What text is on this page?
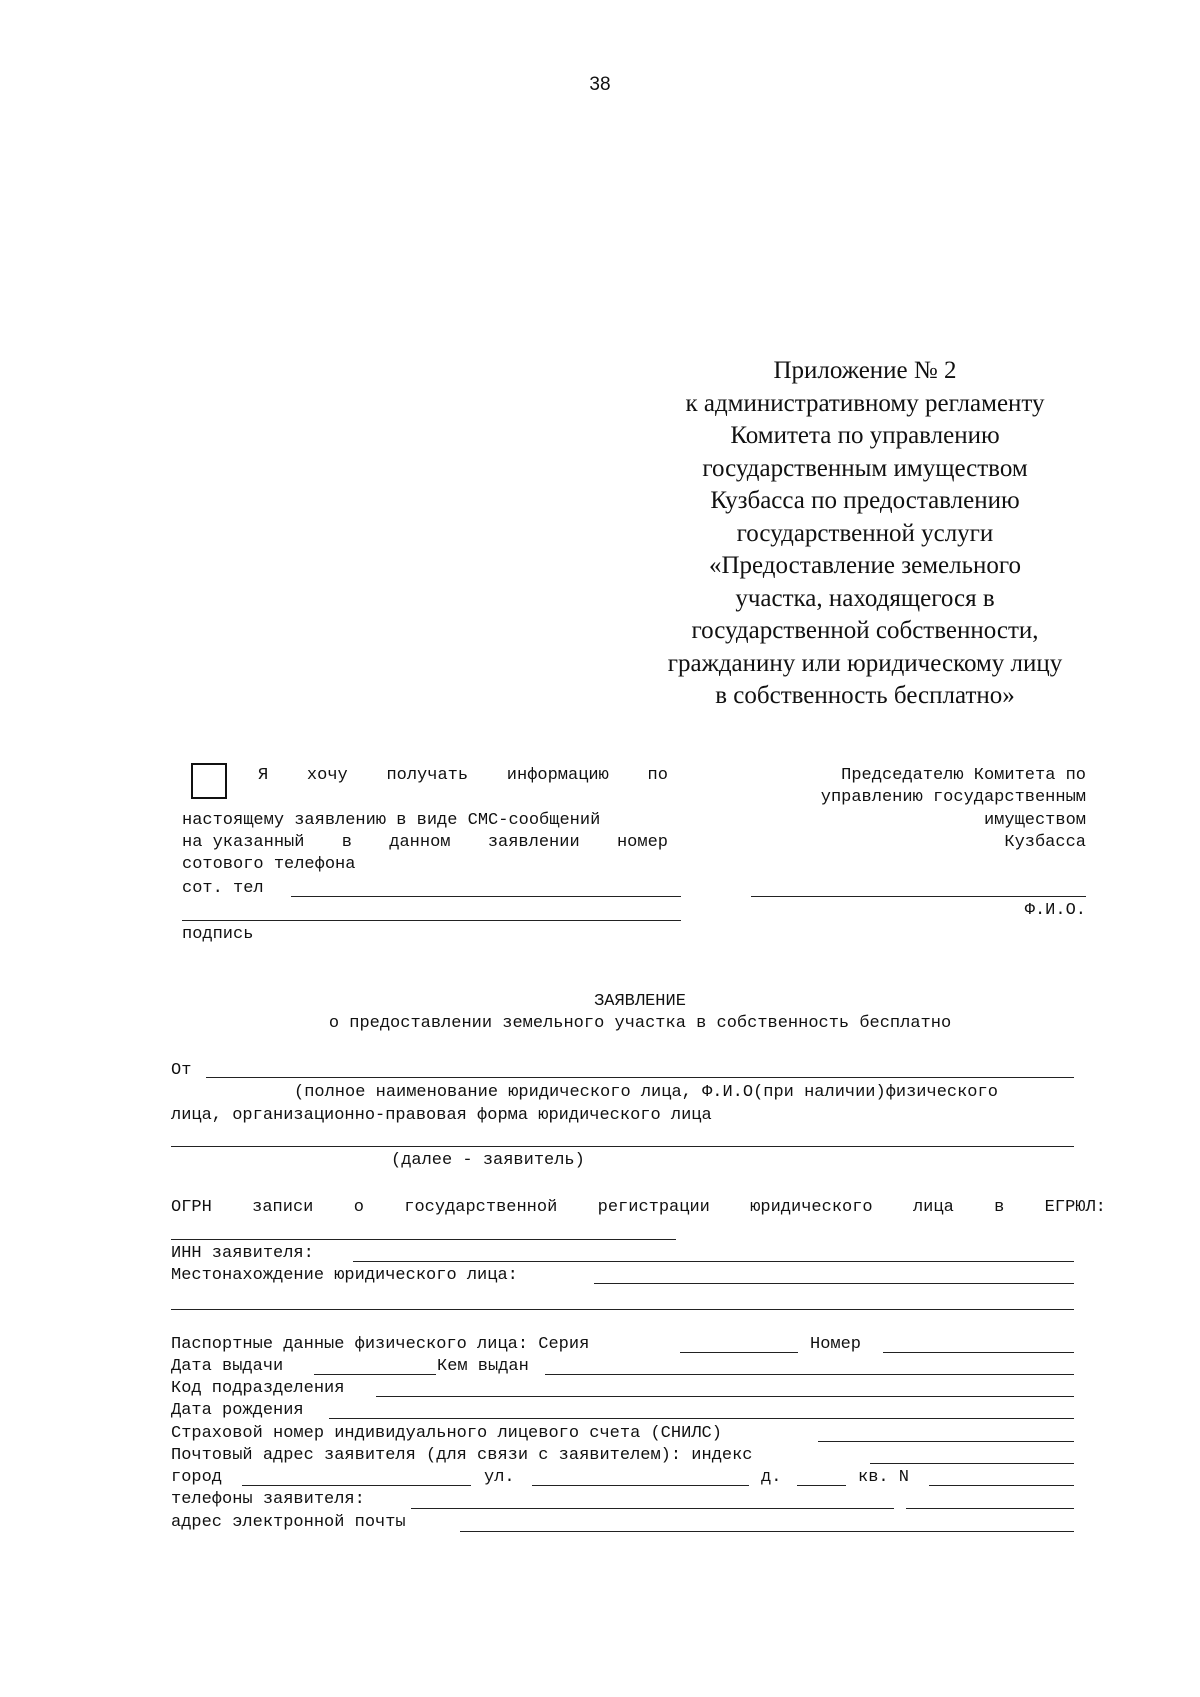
38
Приложение № 2
к административному регламенту
Комитета по управлению
государственным имуществом
Кузбасса по предоставлению
государственной услуги
«Предоставление земельного
участка, находящегося в
государственной собственности,
гражданину или юридическому лицу
в собственность бесплатно»
Я хочу получать информацию по
настоящему заявлению в виде СМС-сообщений
на указанный в данном заявлении номер
сотового телефона
сот. тел
подпись
Председателю Комитета по
управлению государственным
имуществом
Кузбасса
Ф.И.О.
ЗАЯВЛЕНИЕ
о предоставлении земельного участка в собственность бесплатно
От
(полное наименование юридического лица, Ф.И.О(при наличии)физического
лица, организационно-правовая форма юридического лица
(далее - заявитель)
ОГРН записи о государственной регистрации юридического лица в ЕГРЮЛ:
ИНН заявителя:
Местонахождение юридического лица:
Паспортные данные физического лица: Серия	Номер
Дата выдачи	Кем выдан
Код подразделения
Дата рождения
Страховой номер индивидуального лицевого счета (СНИЛС)
Почтовый адрес заявителя (для связи с заявителем): индекс
город	ул.	д.	кв. N
телефоны заявителя:
адрес электронной почты
